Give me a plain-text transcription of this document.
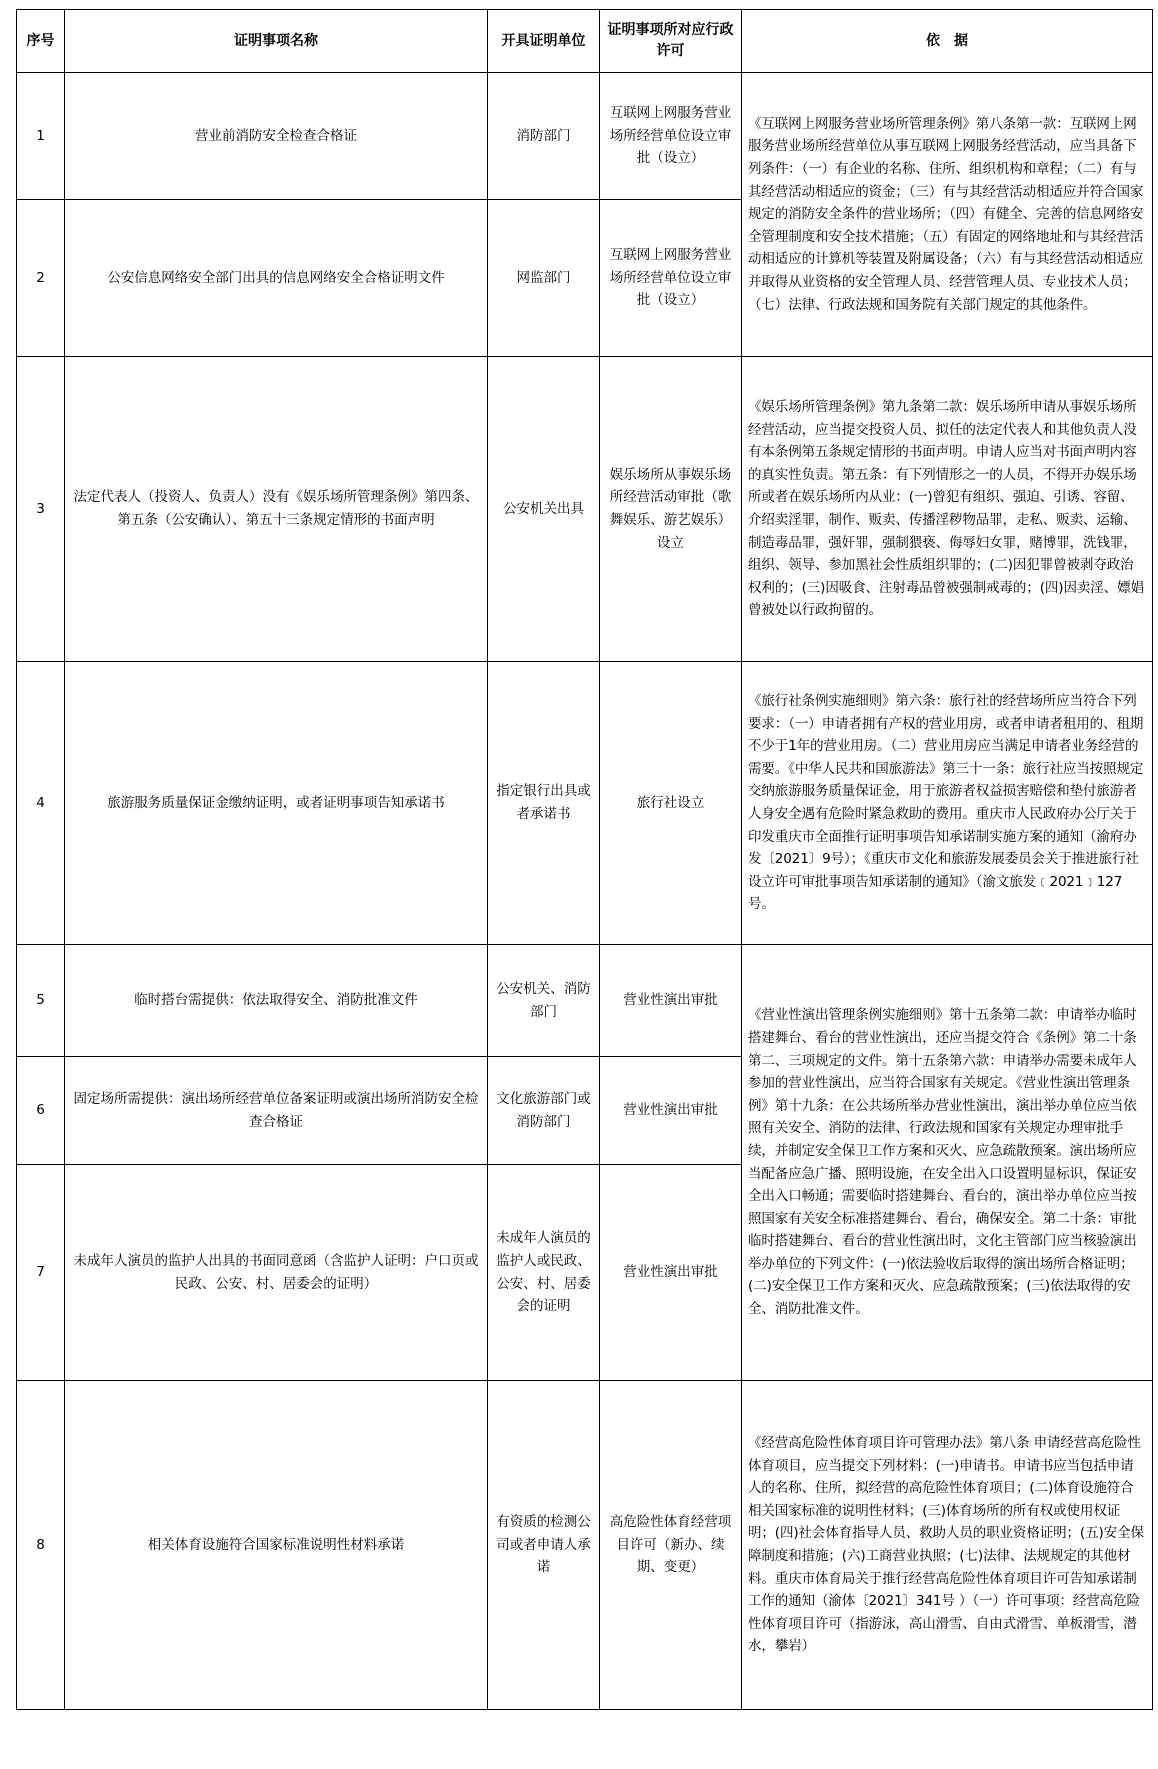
序号	证明事项名称	开具证明单位	证明事项所对应行政许可	依　据
1	营业前消防安全检查合格证	消防部门	互联网上网服务营业场所经营单位设立审批（设立）	《互联网上网服务营业场所管理条例》第八条第一款：互联网上网服务营业场所经营单位从事互联网上网服务经营活动，应当具备下列条件：（一）有企业的名称、住所、组织机构和章程；（二）有与其经营活动相适应的资金；（三）有与其经营活动相适应并符合国家规定的消防安全条件的营业场所；（四）有健全、完善的信息网络安全管理制度和安全技术措施；（五）有固定的网络地址和与其经营活动相适应的计算机等装置及附属设备；（六）有与其经营活动相适应并取得从业资格的安全管理人员、经营管理人员、专业技术人员；（七）法律、行政法规和国务院有关部门规定的其他条件。
2	公安信息网络安全部门出具的信息网络安全合格证明文件	网监部门	互联网上网服务营业场所经营单位设立审批（设立）	
3	法定代表人（投资人、负责人）没有《娱乐场所管理条例》第四条、第五条（公安确认）、第五十三条规定情形的书面声明	公安机关出具	娱乐场所从事娱乐场所经营活动审批（歌舞娱乐、游艺娱乐）设立	《娱乐场所管理条例》第九条第二款：娱乐场所申请从事娱乐场所经营活动，应当提交投资人员、拟任的法定代表人和其他负责人没有本条例第五条规定情形的书面声明。申请人应当对书面声明内容的真实性负责。第五条：有下列情形之一的人员，不得开办娱乐场所或者在娱乐场所内从业：(一)曾犯有组织、强迫、引诱、容留、介绍卖淫罪，制作、贩卖、传播淫秽物品罪，走私、贩卖、运输、制造毒品罪，强奸罪，强制猥亵、侮辱妇女罪，赌博罪，洗钱罪，组织、领导、参加黑社会性质组织罪的；(二)因犯罪曾被剥夺政治权利的；(三)因吸食、注射毒品曾被强制戒毒的；(四)因卖淫、嫖娼曾被处以行政拘留的。
4	旅游服务质量保证金缴纳证明，或者证明事项告知承诺书	指定银行出具或者承诺书	旅行社设立	《旅行社条例实施细则》第六条：旅行社的经营场所应当符合下列要求：（一）申请者拥有产权的营业用房，或者申请者租用的、租期不少于1年的营业用房。（二）营业用房应当满足申请者业务经营的需要。《中华人民共和国旅游法》第三十一条：旅行社应当按照规定交纳旅游服务质量保证金，用于旅游者权益损害赔偿和垫付旅游者人身安全遇有危险时紧急救助的费用。重庆市人民政府办公厅关于印发重庆市全面推行证明事项告知承诺制实施方案的通知（渝府办发〔2021〕9号）；《重庆市文化和旅游发展委员会关于推进旅行社设立许可审批事项告知承诺制的通知》（渝文旅发﹝2021﹞127号。
5	临时搭台需提供：依法取得安全、消防批准文件	公安机关、消防部门	营业性演出审批	《营业性演出管理条例实施细则》第十五条第二款：申请举办临时搭建舞台、看台的营业性演出，还应当提交符合《条例》第二十条第二、三项规定的文件。第十五条第六款：申请举办需要未成年人参加的营业性演出，应当符合国家有关规定。《营业性演出管理条例》第十九条：在公共场所举办营业性演出，演出举办单位应当依照有关安全、消防的法律、行政法规和国家有关规定办理审批手续，并制定安全保卫工作方案和灭火、应急疏散预案。演出场所应当配备应急广播、照明设施，在安全出入口设置明显标识，保证安全出入口畅通；需要临时搭建舞台、看台的，演出举办单位应当按照国家有关安全标准搭建舞台、看台，确保安全。第二十条：审批临时搭建舞台、看台的营业性演出时，文化主管部门应当核验演出举办单位的下列文件：(一)依法验收后取得的演出场所合格证明；(二)安全保卫工作方案和灭火、应急疏散预案；(三)依法取得的安全、消防批准文件。
6	固定场所需提供：演出场所经营单位备案证明或演出场所消防安全检查合格证	文化旅游部门或消防部门	营业性演出审批	
7	未成年人演员的监护人出具的书面同意函（含监护人证明：户口页或民政、公安、村、居委会的证明）	未成年人演员的监护人或民政、公安、村、居委会的证明	营业性演出审批	
8	相关体育设施符合国家标准说明性材料承诺	有资质的检测公司或者申请人承诺	高危险性体育经营项目许可（新办、续期、变更）	《经营高危险性体育项目许可管理办法》第八条 申请经营高危险性体育项目，应当提交下列材料：(一)申请书。申请书应当包括申请人的名称、住所，拟经营的高危险性体育项目；(二)体育设施符合相关国家标准的说明性材料；(三)体育场所的所有权或使用权证明；(四)社会体育指导人员、救助人员的职业资格证明；(五)安全保障制度和措施；(六)工商营业执照；(七)法律、法规规定的其他材料。重庆市体育局关于推行经营高危险性体育项目许可告知承诺制工作的通知（渝体〔2021〕341号 ）（一）许可事项：经营高危险性体育项目许可（指游泳，高山滑雪、自由式滑雪、单板滑雪，潜水，攀岩）
